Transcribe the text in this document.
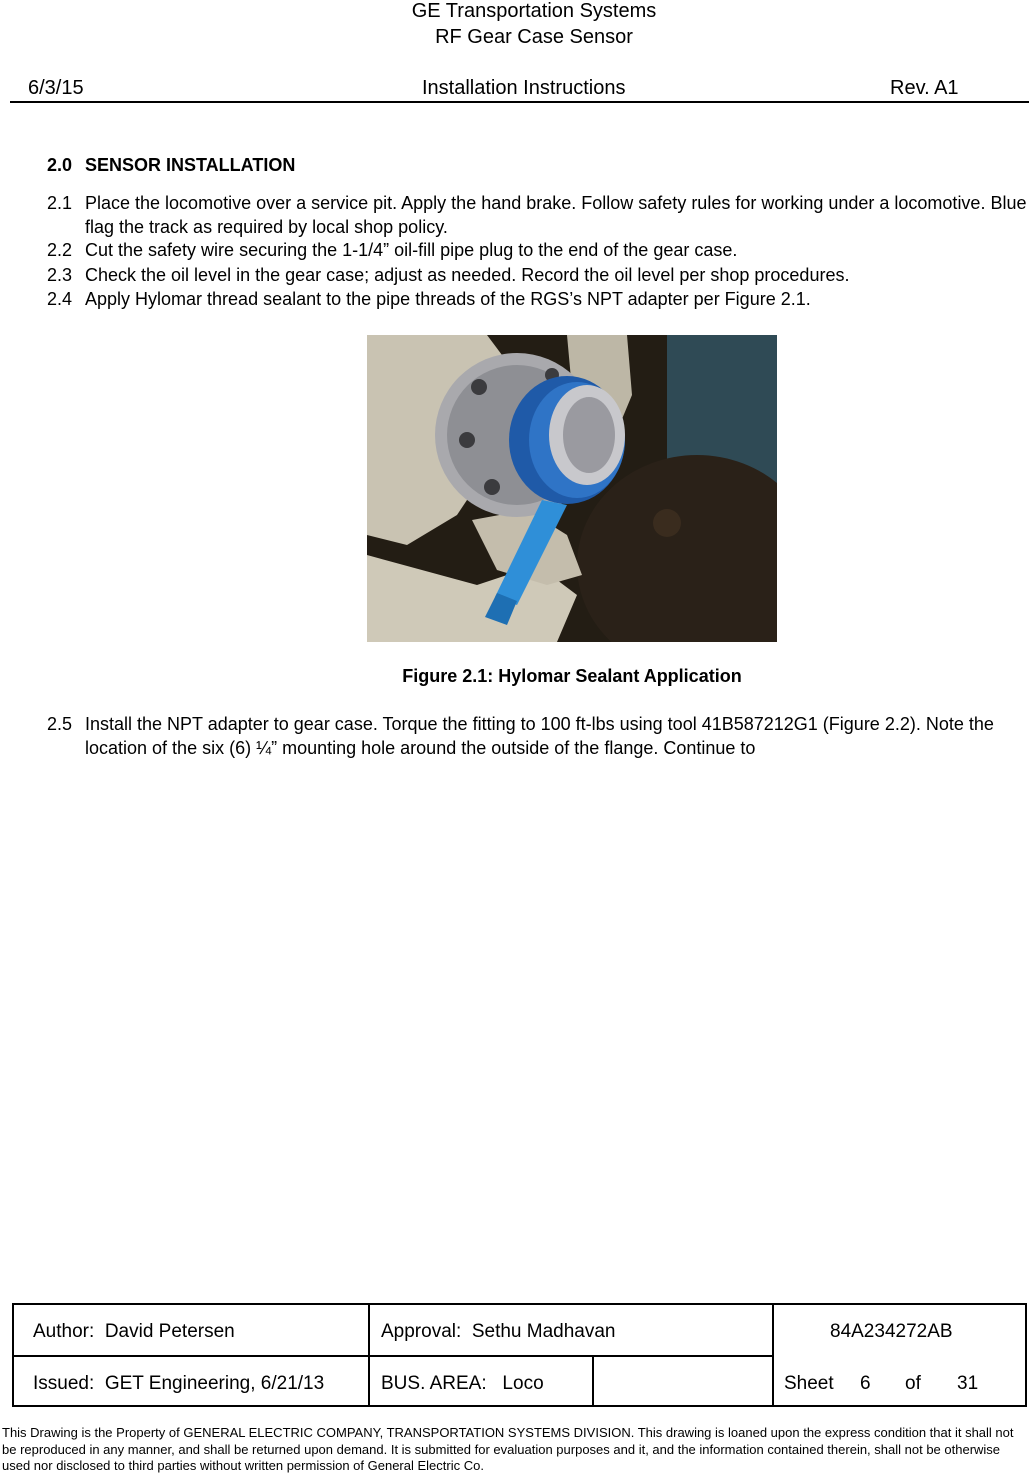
GE Transportation Systems
RF Gear Case Sensor
6/3/15	Installation Instructions	Rev. A1
2.0 SENSOR INSTALLATION
2.1 Place the locomotive over a service pit. Apply the hand brake. Follow safety rules for working under a locomotive. Blue flag the track as required by local shop policy.
2.2 Cut the safety wire securing the 1-1/4” oil-fill pipe plug to the end of the gear case.
2.3 Check the oil level in the gear case; adjust as needed. Record the oil level per shop procedures.
2.4 Apply Hylomar thread sealant to the pipe threads of the RGS’s NPT adapter per Figure 2.1.
Figure 2.1: Hylomar Sealant Application
2.5 Install the NPT adapter to gear case. Torque the fitting to 100 ft-lbs using tool 41B587212G1 (Figure 2.2). Note the location of the six (6) ¼” mounting hole around the outside of the flange. Continue to
Author:  David Petersen	Approval:  Sethu Madhavan	84A234272AB
Issued:  GET Engineering, 6/21/13	BUS. AREA:   Loco	Sheet 6 of 31
This Drawing is the Property of GENERAL ELECTRIC COMPANY, TRANSPORTATION SYSTEMS DIVISION. This drawing is loaned upon the express condition that it shall not be reproduced in any manner, and shall be returned upon demand. It is submitted for evaluation purposes and it, and the information contained therein, shall not be otherwise used nor disclosed to third parties without written permission of General Electric Co.
